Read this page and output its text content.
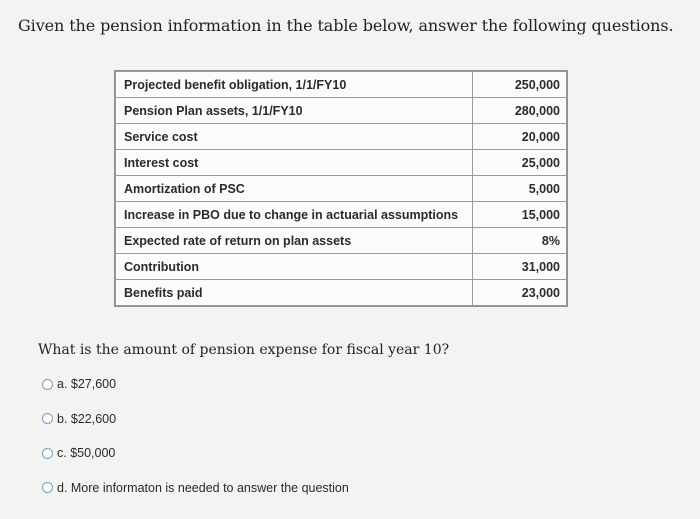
Given the pension information in the table below, answer the following questions.
Projected benefit obligation, 1/1/FY10	250,000
Pension Plan assets, 1/1/FY10	280,000
Service cost	20,000
Interest cost	25,000
Amortization of PSC	5,000
Increase in PBO due to change in actuarial assumptions	15,000
Expected rate of return on plan assets	8%
Contribution	31,000
Benefits paid	23,000
What is the amount of pension expense for fiscal year 10?
a. $27,600
b. $22,600
c. $50,000
d. More informaton is needed to answer the question
